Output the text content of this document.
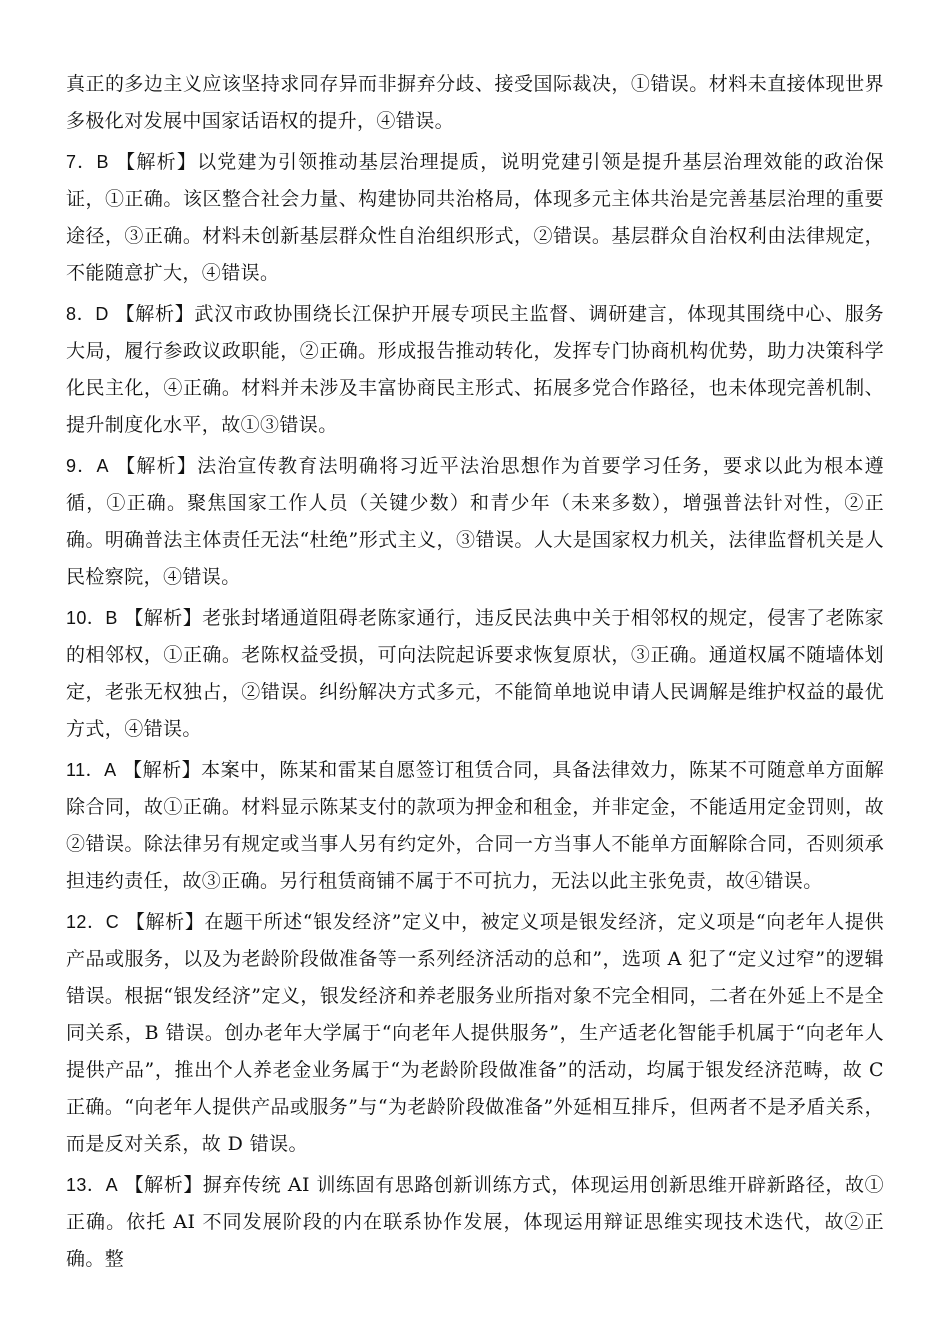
真正的多边主义应该坚持求同存异而非摒弃分歧、接受国际裁决，①错误。材料未直接体现世界多极化对发展中国家话语权的提升，④错误。

7．B 【解析】以党建为引领推动基层治理提质，说明党建引领是提升基层治理效能的政治保证，①正确。该区整合社会力量、构建协同共治格局，体现多元主体共治是完善基层治理的重要途径，③正确。材料未创新基层群众性自治组织形式，②错误。基层群众自治权利由法律规定，不能随意扩大，④错误。

8．D 【解析】武汉市政协围绕长江保护开展专项民主监督、调研建言，体现其围绕中心、服务大局，履行参政议政职能，②正确。形成报告推动转化，发挥专门协商机构优势，助力决策科学化民主化，④正确。材料并未涉及丰富协商民主形式、拓展多党合作路径，也未体现完善机制、提升制度化水平，故①③错误。

9．A 【解析】法治宣传教育法明确将习近平法治思想作为首要学习任务，要求以此为根本遵循，①正确。聚焦国家工作人员（关键少数）和青少年（未来多数），增强普法针对性，②正确。明确普法主体责任无法“杜绝”形式主义，③错误。人大是国家权力机关，法律监督机关是人民检察院，④错误。

10．B 【解析】老张封堵通道阻碍老陈家通行，违反民法典中关于相邻权的规定，侵害了老陈家的相邻权，①正确。老陈权益受损，可向法院起诉要求恢复原状，③正确。通道权属不随墙体划定，老张无权独占，②错误。纠纷解决方式多元，不能简单地说申请人民调解是维护权益的最优方式，④错误。

11．A 【解析】本案中，陈某和雷某自愿签订租赁合同，具备法律效力，陈某不可随意单方面解除合同，故①正确。材料显示陈某支付的款项为押金和租金，并非定金，不能适用定金罚则，故②错误。除法律另有规定或当事人另有约定外，合同一方当事人不能单方面解除合同，否则须承担违约责任，故③正确。另行租赁商铺不属于不可抗力，无法以此主张免责，故④错误。

12．C 【解析】在题干所述“银发经济”定义中，被定义项是银发经济，定义项是“向老年人提供产品或服务，以及为老龄阶段做准备等一系列经济活动的总和”，选项 A 犯了“定义过窄”的逻辑错误。根据“银发经济”定义，银发经济和养老服务业所指对象不完全相同，二者在外延上不是全同关系，B 错误。创办老年大学属于“向老年人提供服务”，生产适老化智能手机属于“向老年人提供产品”，推出个人养老金业务属于“为老龄阶段做准备”的活动，均属于银发经济范畴，故 C 正确。“向老年人提供产品或服务”与“为老龄阶段做准备”外延相互排斥，但两者不是矛盾关系，而是反对关系，故 D 错误。

13．A 【解析】摒弃传统 AI 训练固有思路创新训练方式，体现运用创新思维开辟新路径，故①正确。依托 AI 不同发展阶段的内在联系协作发展，体现运用辩证思维实现技术迭代，故②正确。整
